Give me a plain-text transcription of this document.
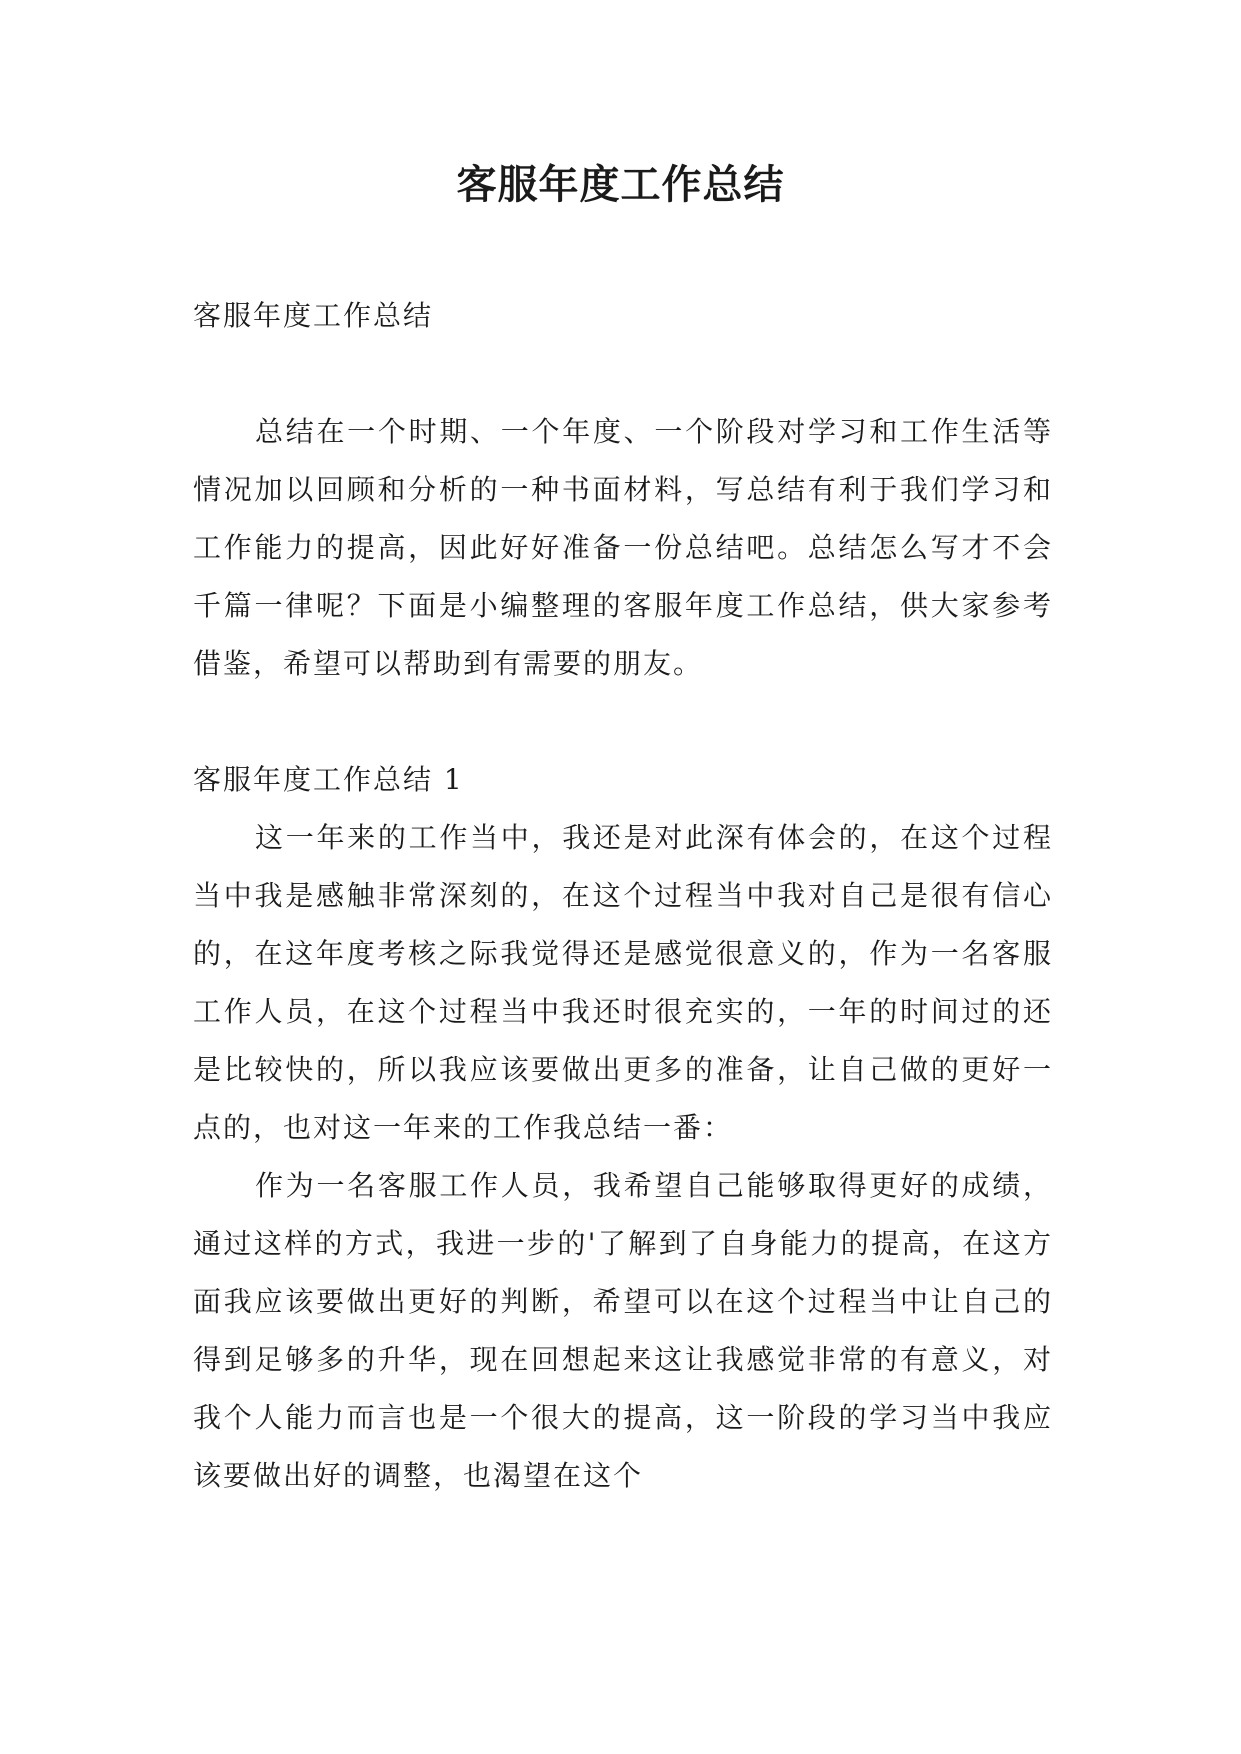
客服年度工作总结

客服年度工作总结

总结在一个时期、一个年度、一个阶段对学习和工作生活等情况加以回顾和分析的一种书面材料，写总结有利于我们学习和工作能力的提高，因此好好准备一份总结吧。总结怎么写才不会千篇一律呢？下面是小编整理的客服年度工作总结，供大家参考借鉴，希望可以帮助到有需要的朋友。

客服年度工作总结 1

这一年来的工作当中，我还是对此深有体会的，在这个过程当中我是感触非常深刻的，在这个过程当中我对自己是很有信心的，在这年度考核之际我觉得还是感觉很意义的，作为一名客服工作人员，在这个过程当中我还时很充实的，一年的时间过的还是比较快的，所以我应该要做出更多的准备，让自己做的更好一点的，也对这一年来的工作我总结一番：

作为一名客服工作人员，我希望自己能够取得更好的成绩，通过这样的方式，我进一步的'了解到了自身能力的提高，在这方面我应该要做出更好的判断，希望可以在这个过程当中让自己的得到足够多的升华，现在回想起来这让我感觉非常的有意义，对我个人能力而言也是一个很大的提高，这一阶段的学习当中我应该要做出好的调整，也渴望在这个
